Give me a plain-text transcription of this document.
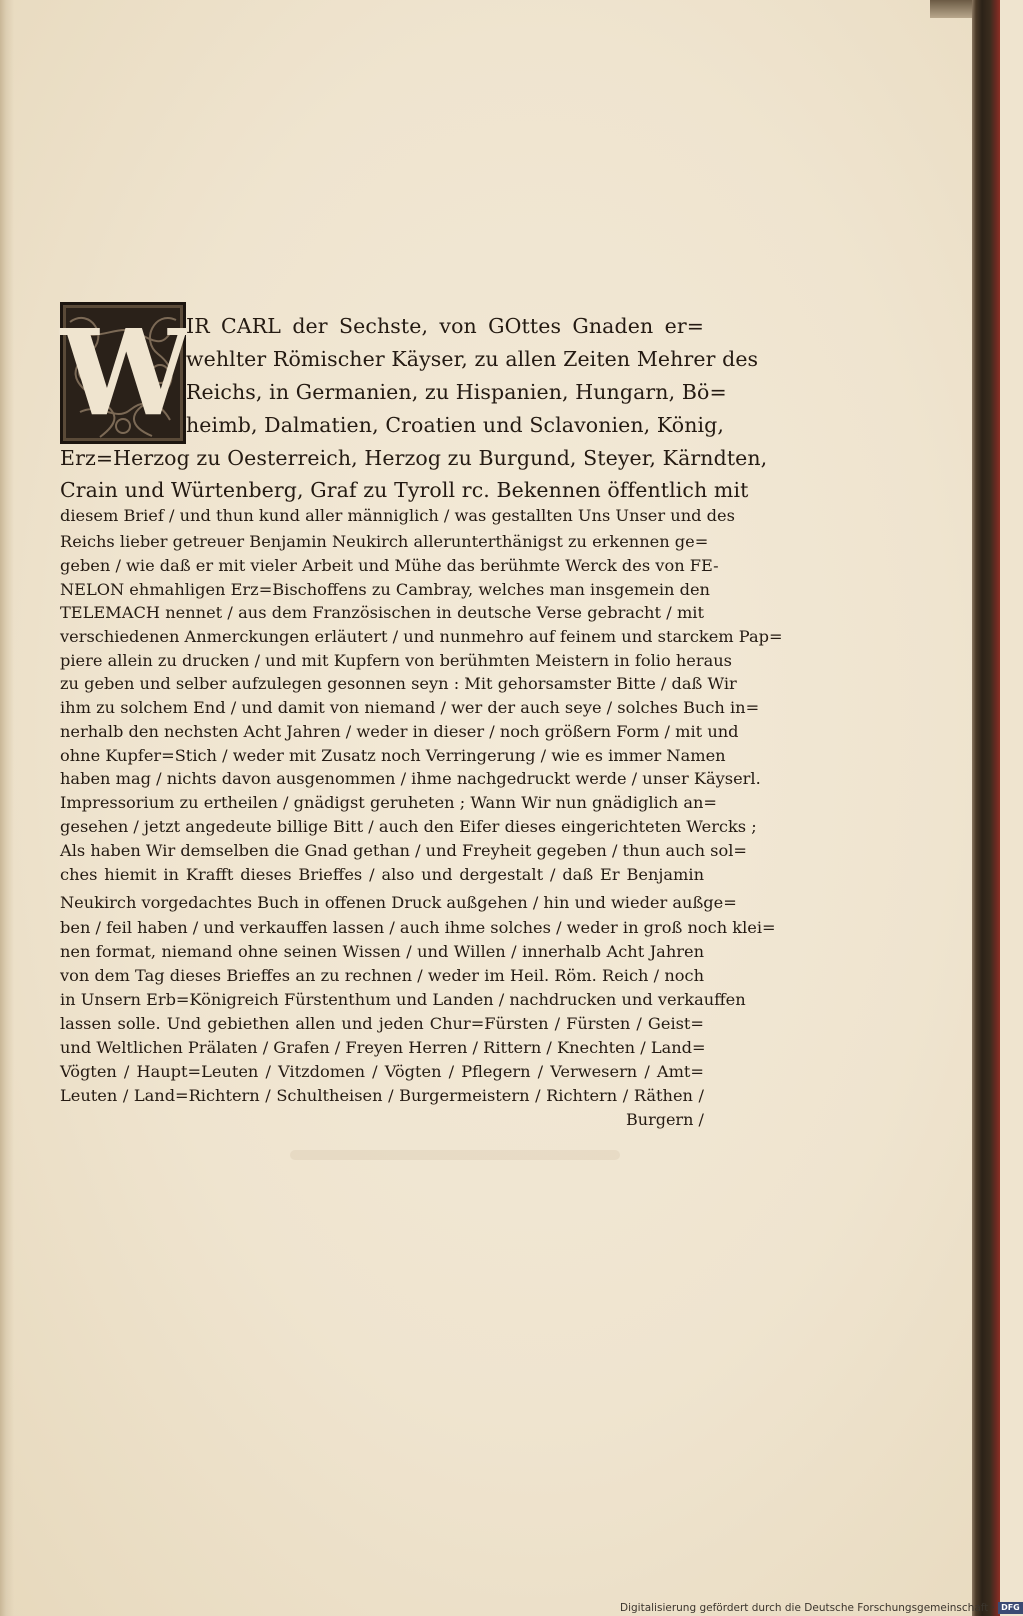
W

IR CARL der Sechste, von GOttes Gnaden er=

wehlter Römischer Käyser, zu allen Zeiten Mehrer des

Reichs, in Germanien, zu Hispanien, Hungarn, Bö=

heimb, Dalmatien, Croatien und Sclavonien, König,

Erz=Herzog zu Oesterreich, Herzog zu Burgund, Steyer, Kärndten,

Crain und Würtenberg, Graf zu Tyroll rc. Bekennen öffentlich mit

diesem Brief / und thun kund aller männiglich / was gestallten Uns Unser und des

Reichs lieber getreuer Benjamin Neukirch allerunterthänigst zu erkennen ge=

geben / wie daß er mit vieler Arbeit und Mühe das berühmte Werck des von FE-

NELON ehmahligen Erz=Bischoffens zu Cambray, welches man insgemein den

TELEMACH nennet / aus dem Französischen in deutsche Verse gebracht / mit

verschiedenen Anmerckungen erläutert / und nunmehro auf feinem und starckem Pap=

piere allein zu drucken / und mit Kupfern von berühmten Meistern in folio heraus

zu geben und selber aufzulegen gesonnen seyn : Mit gehorsamster Bitte / daß Wir

ihm zu solchem End / und damit von niemand / wer der auch seye / solches Buch in=

nerhalb den nechsten Acht Jahren / weder in dieser / noch größern Form / mit und

ohne Kupfer=Stich / weder mit Zusatz noch Verringerung / wie es immer Namen

haben mag / nichts davon ausgenommen / ihme nachgedruckt werde / unser Käyserl.

Impressorium zu ertheilen / gnädigst geruheten ; Wann Wir nun gnädiglich an=

gesehen / jetzt angedeute billige Bitt / auch den Eifer dieses eingerichteten Wercks ;

Als haben Wir demselben die Gnad gethan / und Freyheit gegeben / thun auch sol=

ches hiemit in Krafft dieses Brieffes / also und dergestalt / daß Er Benjamin

Neukirch vorgedachtes Buch in offenen Druck außgehen / hin und wieder außge=

ben / feil haben / und verkauffen lassen / auch ihme solches / weder in groß noch klei=

nen format, niemand ohne seinen Wissen / und Willen / innerhalb Acht Jahren

von dem Tag dieses Brieffes an zu rechnen / weder im Heil. Röm. Reich / noch

in Unsern Erb=Königreich Fürstenthum und Landen / nachdrucken und verkauffen

lassen solle. Und gebiethen allen und jeden Chur=Fürsten / Fürsten / Geist=

und Weltlichen Prälaten / Grafen / Freyen Herren / Rittern / Knechten / Land=

Vögten / Haupt=Leuten / Vitzdomen / Vögten / Pflegern / Verwesern / Amt=

Leuten / Land=Richtern / Schultheisen / Burgermeistern / Richtern / Räthen /

Burgern /
Digitalisierung gefördert durch die Deutsche Forschungsgemeinschaft · DFG
